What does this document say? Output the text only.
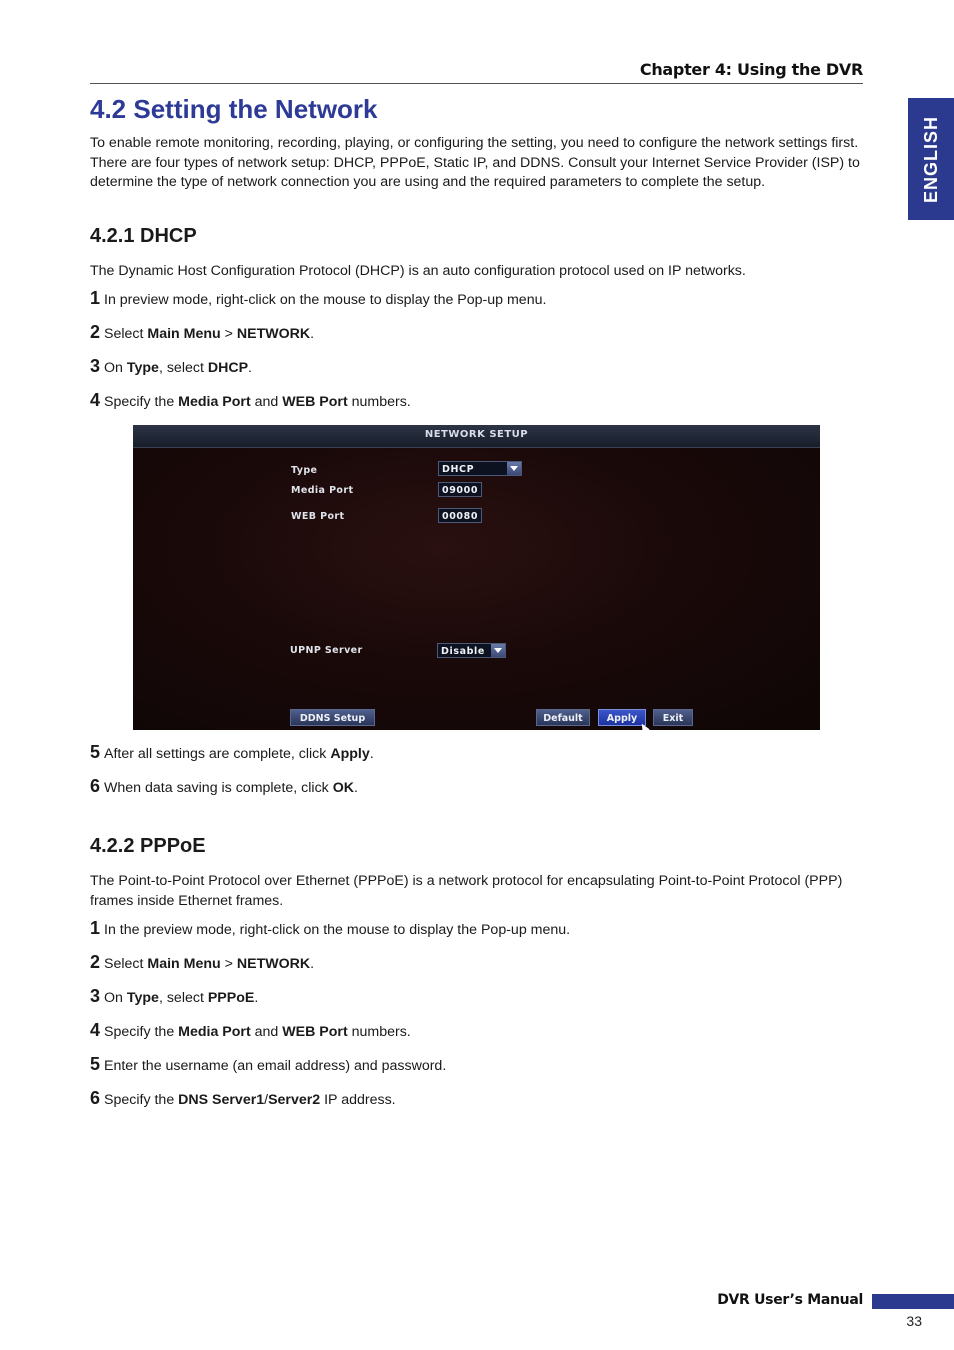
Chapter 4: Using the DVR
ENGLISH
4.2 Setting the Network

To enable remote monitoring, recording, playing, or configuring the setting, you need to configure the network settings first. There are four types of network setup: DHCP, PPPoE, Static IP, and DDNS. Consult your Internet Service Provider (ISP) to determine the type of network connection you are using and the required parameters to complete the setup.

4.2.1 DHCP

The Dynamic Host Configuration Protocol (DHCP) is an auto configuration protocol used on IP networks.

1 In preview mode, right-click on the mouse to display the Pop-up menu.

2 Select Main Menu > NETWORK.

3 On Type, select DHCP.

4 Specify the Media Port and WEB Port numbers.

NETWORK SETUP
Type	DHCP
Media Port	09000
WEB Port	00080
UPNP Server	Disable
DDNS Setup	Default	Apply	Exit

5 After all settings are complete, click Apply.

6 When data saving is complete, click OK.

4.2.2 PPPoE

The Point-to-Point Protocol over Ethernet (PPPoE) is a network protocol for encapsulating Point-to-Point Protocol (PPP) frames inside Ethernet frames.

1 In the preview mode, right-click on the mouse to display the Pop-up menu.

2 Select Main Menu > NETWORK.

3 On Type, select PPPoE.

4 Specify the Media Port and WEB Port numbers.

5 Enter the username (an email address) and password.

6 Specify the DNS Server1/Server2 IP address.

DVR User’s Manual
33
